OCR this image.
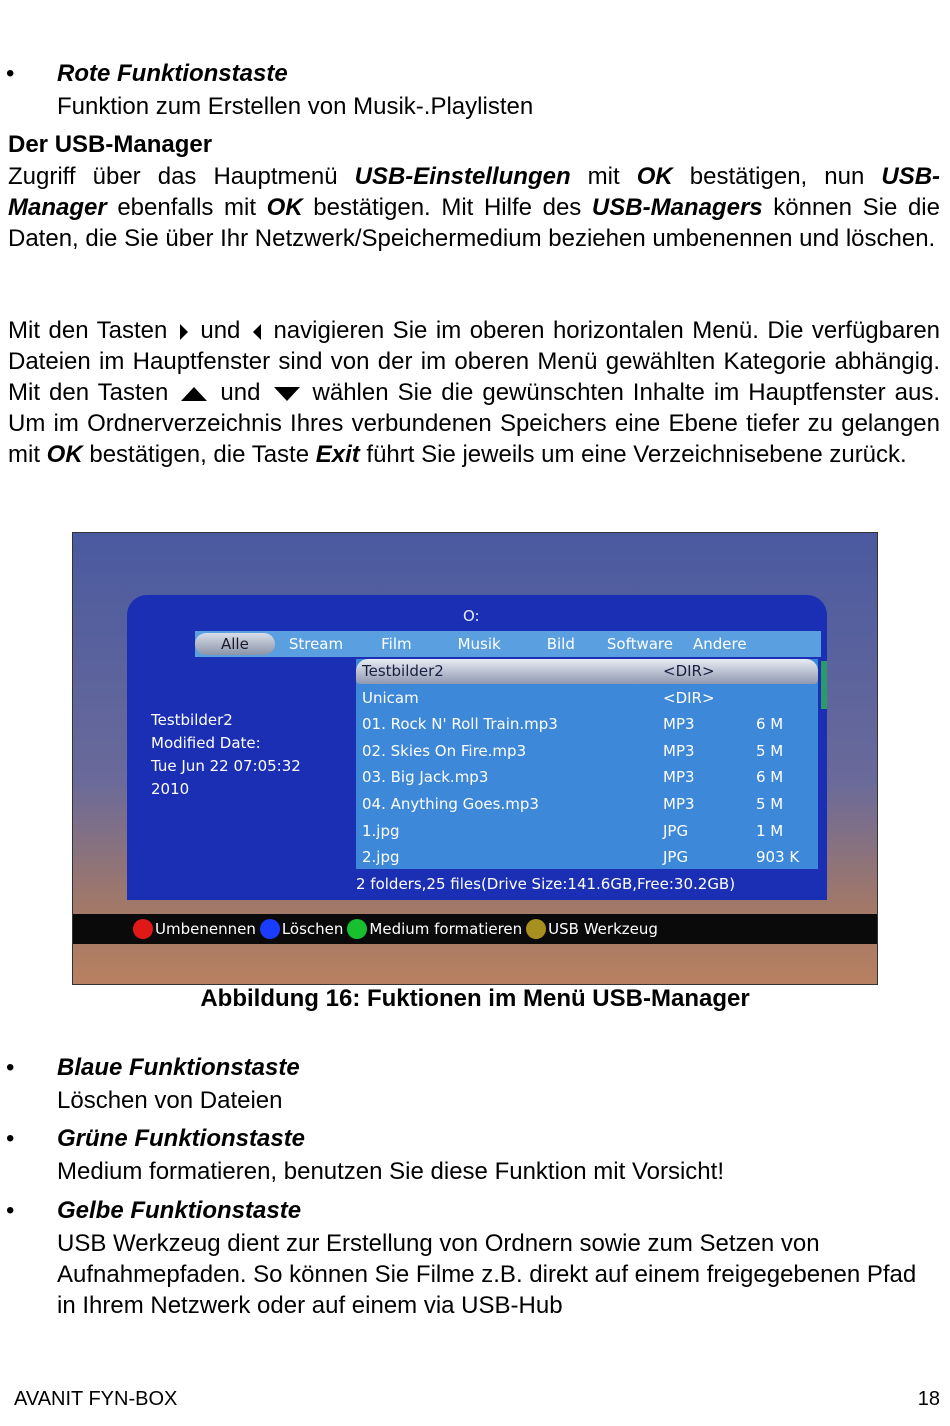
• Rote Funktionstaste
Funktion zum Erstellen von Musik-.Playlisten
Der USB-Manager
Zugriff über das Hauptmenü USB-Einstellungen mit OK bestätigen, nun USB-Manager ebenfalls mit OK bestätigen. Mit Hilfe des USB-Managers können Sie die Daten, die Sie über Ihr Netzwerk/Speichermedium beziehen umbenennen und löschen.
Mit den Tasten und navigieren Sie im oberen horizontalen Menü. Die verfügbaren Dateien im Hauptfenster sind von der im oberen Menü gewählten Kategorie abhängig. Mit den Tasten und wählen Sie die gewünschten Inhalte im Hauptfenster aus. Um im Ordnerverzeichnis Ihres verbundenen Speichers eine Ebene tiefer zu gelangen mit OK bestätigen, die Taste Exit führt Sie jeweils um eine Verzeichnisebene zurück.
O:
Alle	Stream	Film	Musik	Bild	Software	Andere
Testbilder2
Modified Date:
Tue Jun 22 07:05:32
2010
Testbilder2	<DIR>
Unicam	<DIR>
01. Rock N' Roll Train.mp3	MP3	6 M
02. Skies On Fire.mp3	MP3	5 M
03. Big Jack.mp3	MP3	6 M
04. Anything Goes.mp3	MP3	5 M
1.jpg	JPG	1 M
2.jpg	JPG	903 K
2 folders,25 files(Drive Size:141.6GB,Free:30.2GB)
Umbenennen Löschen Medium formatieren USB Werkzeug
Abbildung 16: Fuktionen im Menü USB-Manager
• Blaue Funktionstaste
Löschen von Dateien
• Grüne Funktionstaste
Medium formatieren, benutzen Sie diese Funktion mit Vorsicht!
• Gelbe Funktionstaste
USB Werkzeug dient zur Erstellung von Ordnern sowie zum Setzen von Aufnahmepfaden. So können Sie Filme z.B. direkt auf einem freigegebenen Pfad in Ihrem Netzwerk oder auf einem via USB-Hub
AVANIT FYN-BOX	18
